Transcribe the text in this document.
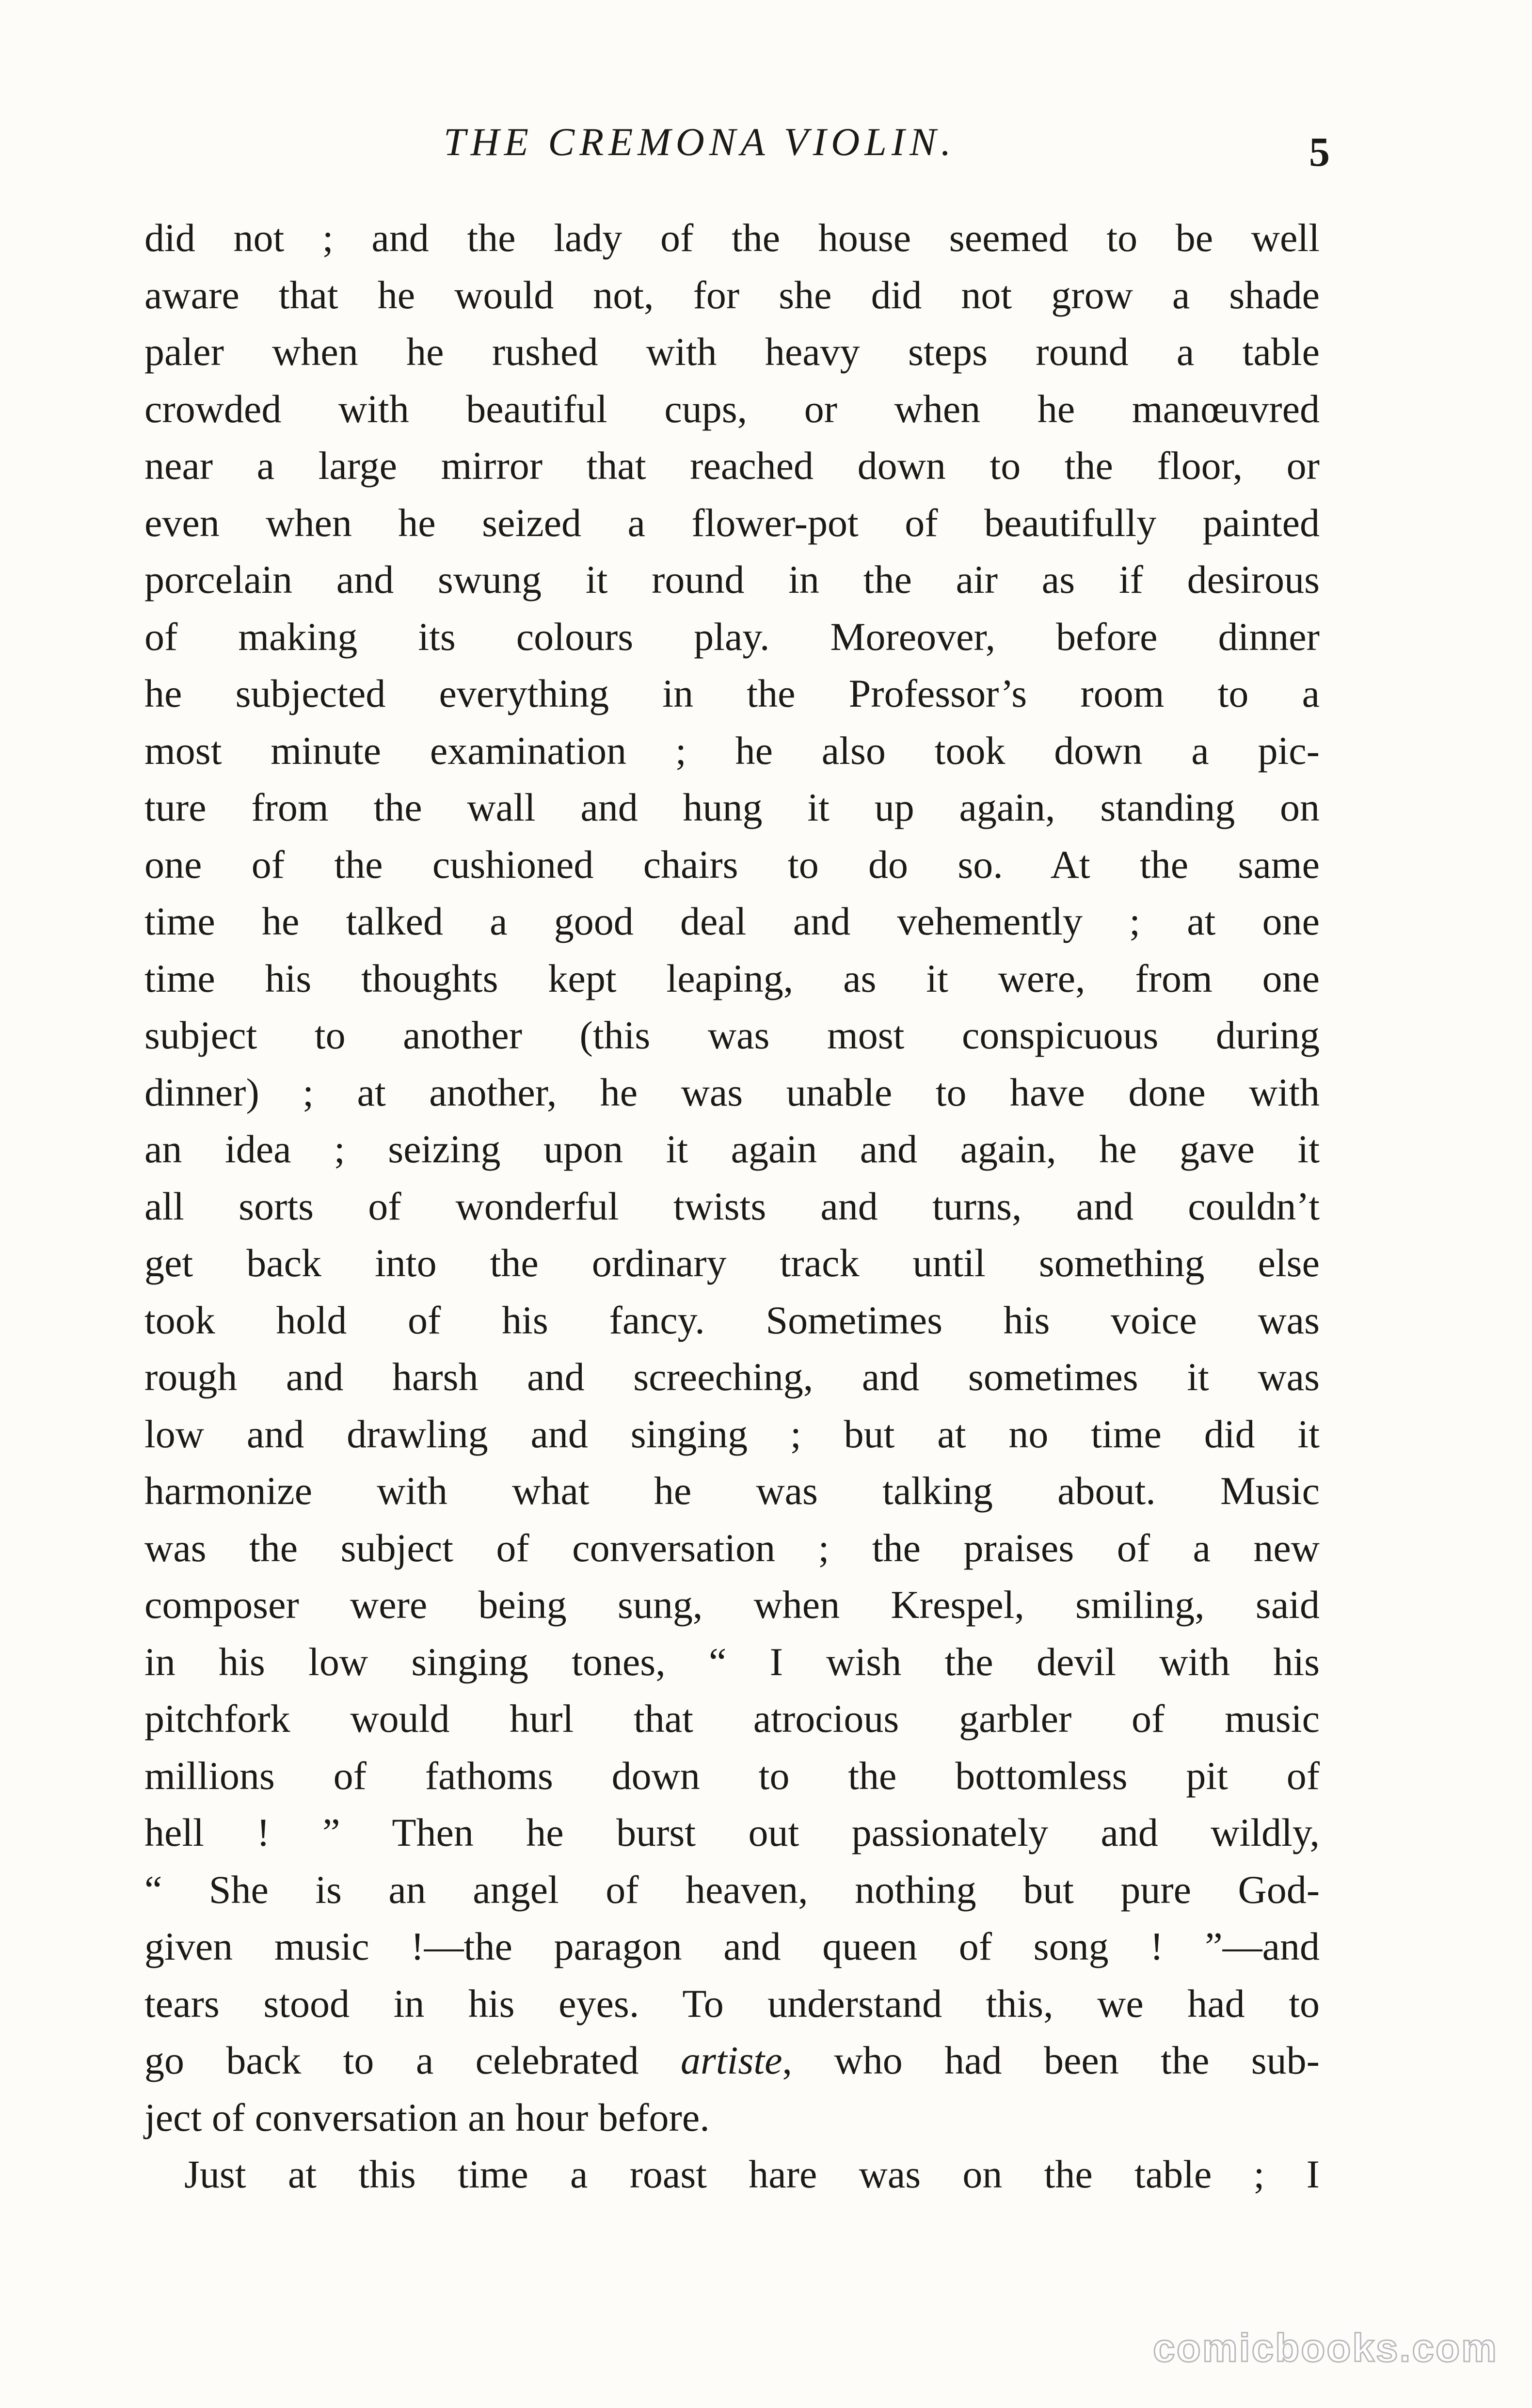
THE CREMONA VIOLIN.	5
did not ; and the lady of the house seemed to be well
aware that he would not, for she did not grow a shade
paler when he rushed with heavy steps round a table
crowded with beautiful cups, or when he manœuvred
near a large mirror that reached down to the floor, or
even when he seized a flower-pot of beautifully painted
porcelain and swung it round in the air as if desirous
of making its colours play. Moreover, before dinner
he subjected everything in the Professor’s room to a
most minute examination ; he also took down a pic-
ture from the wall and hung it up again, standing on
one of the cushioned chairs to do so. At the same
time he talked a good deal and vehemently ; at one
time his thoughts kept leaping, as it were, from one
subject to another (this was most conspicuous during
dinner) ; at another, he was unable to have done with
an idea ; seizing upon it again and again, he gave it
all sorts of wonderful twists and turns, and couldn’t
get back into the ordinary track until something else
took hold of his fancy. Sometimes his voice was
rough and harsh and screeching, and sometimes it was
low and drawling and singing ; but at no time did it
harmonize with what he was talking about. Music
was the subject of conversation ; the praises of a new
composer were being sung, when Krespel, smiling, said
in his low singing tones, “ I wish the devil with his
pitchfork would hurl that atrocious garbler of music
millions of fathoms down to the bottomless pit of
hell ! ” Then he burst out passionately and wildly,
“ She is an angel of heaven, nothing but pure God-
given music !—the paragon and queen of song ! ”—and
tears stood in his eyes. To understand this, we had to
go back to a celebrated artiste, who had been the sub-
ject of conversation an hour before.
Just at this time a roast hare was on the table ; I
comicbooks.com
